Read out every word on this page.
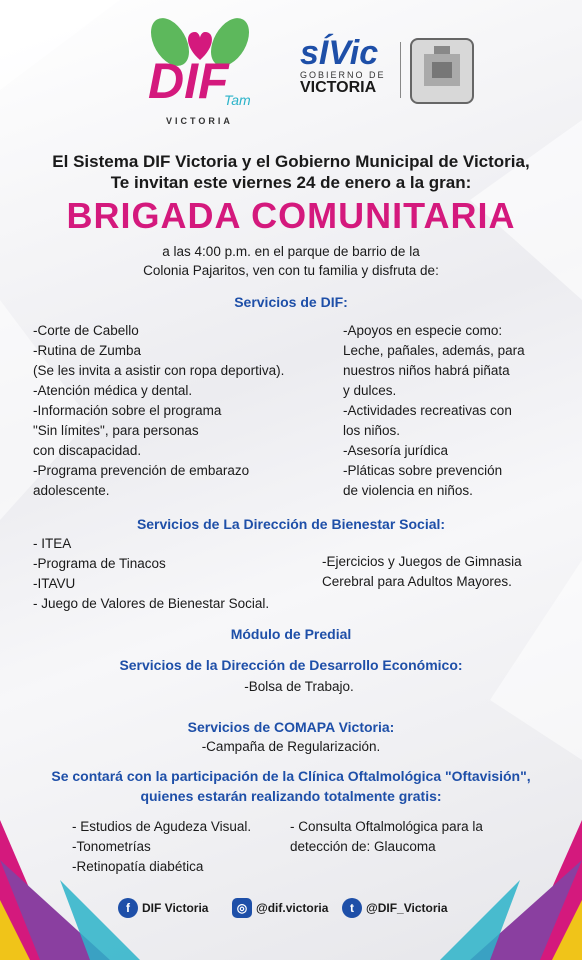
DIF
Tam
VICTORIA
sÍVic
GOBIERNO DE
VICTORIA
El Sistema DIF Victoria y el Gobierno Municipal de Victoria,
Te invitan este viernes 24 de enero a la gran:
BRIGADA COMUNITARIA
a las 4:00 p.m. en el parque de barrio de la
Colonia Pajaritos, ven con tu familia y disfruta de:
Servicios de DIF:
-Corte de Cabello
-Rutina de Zumba
(Se les invita a asistir con ropa deportiva).
-Atención médica y dental.
-Información sobre el programa
"Sin límites", para personas
con discapacidad.
-Programa prevención de embarazo
adolescente.
-Apoyos en especie como:
Leche, pañales, además, para
nuestros niños habrá piñata
y dulces.
-Actividades recreativas con
los niños.
-Asesoría jurídica
-Pláticas sobre prevención
de violencia en niños.
Servicios de La Dirección de Bienestar Social:
- ITEA
-Programa de Tinacos
-ITAVU
- Juego de Valores de Bienestar Social.
-Ejercicios y Juegos de Gimnasia
Cerebral para Adultos Mayores.
Módulo de Predial
Servicios de la Dirección de Desarrollo Económico:
-Bolsa de Trabajo.
Servicios de COMAPA Victoria:
-Campaña de Regularización.
Se contará con la participación de la Clínica Oftalmológica "Oftavisión",
quienes estarán realizando totalmente gratis:
- Estudios de Agudeza Visual.
-Tonometrías
-Retinopatía diabética
- Consulta Oftalmológica para la
detección de: Glaucoma
f	DIF Victoria	◎ @dif.victoria	t	@DIF_Victoria
